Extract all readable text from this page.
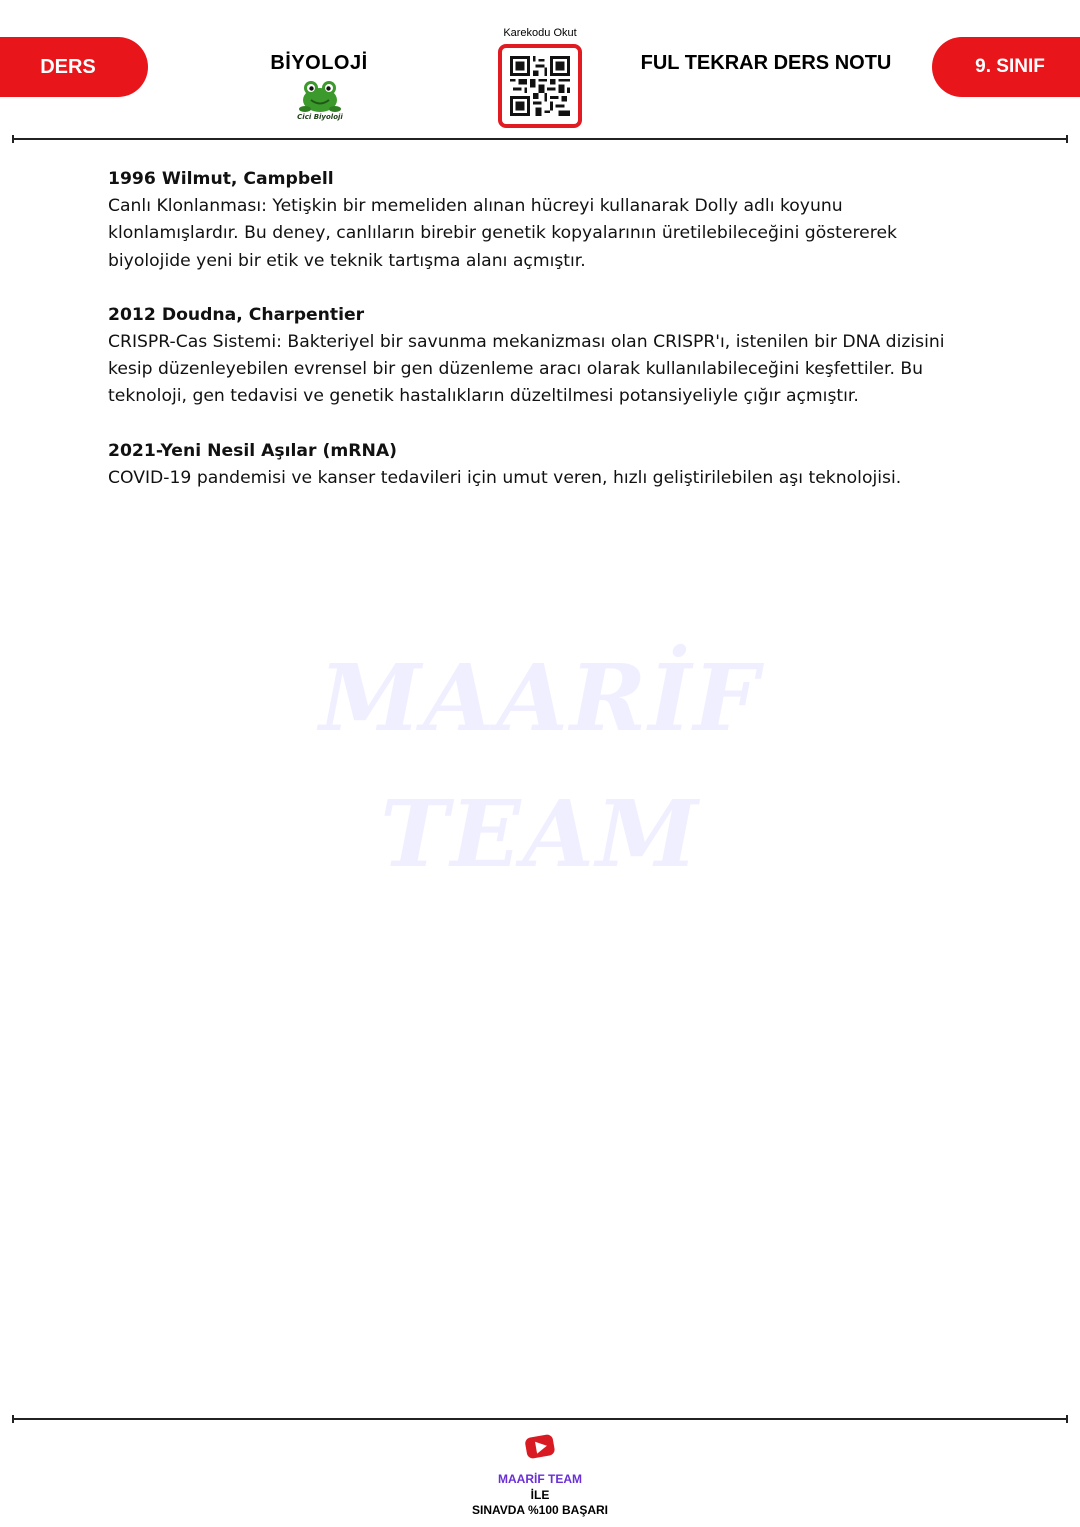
DERS	BİYOLOJİ
Cici Biyoloji
Karekodu Okut
FUL TEKRAR DERS NOTU	9. SINIF
MAARİF
TEAM
1996 Wilmut, Campbell

Canlı Klonlanması: Yetişkin bir memeliden alınan hücreyi kullanarak Dolly adlı koyunu klonlamışlardır. Bu deney, canlıların birebir genetik kopyalarının üretilebileceğini göstererek biyolojide yeni bir etik ve teknik tartışma alanı açmıştır.

2012 Doudna, Charpentier

CRISPR-Cas Sistemi: Bakteriyel bir savunma mekanizması olan CRISPR'ı, istenilen bir DNA dizisini kesip düzenleyebilen evrensel bir gen düzenleme aracı olarak kullanılabileceğini keşfettiler. Bu teknoloji, gen tedavisi ve genetik hastalıkların düzeltilmesi potansiyeliyle çığır açmıştır.

2021-Yeni Nesil Aşılar (mRNA)

COVID-19 pandemisi ve kanser tedavileri için umut veren, hızlı geliştirilebilen aşı teknolojisi.

MAARİF TEAM
İLE
SINAVDA %100 BAŞARI
